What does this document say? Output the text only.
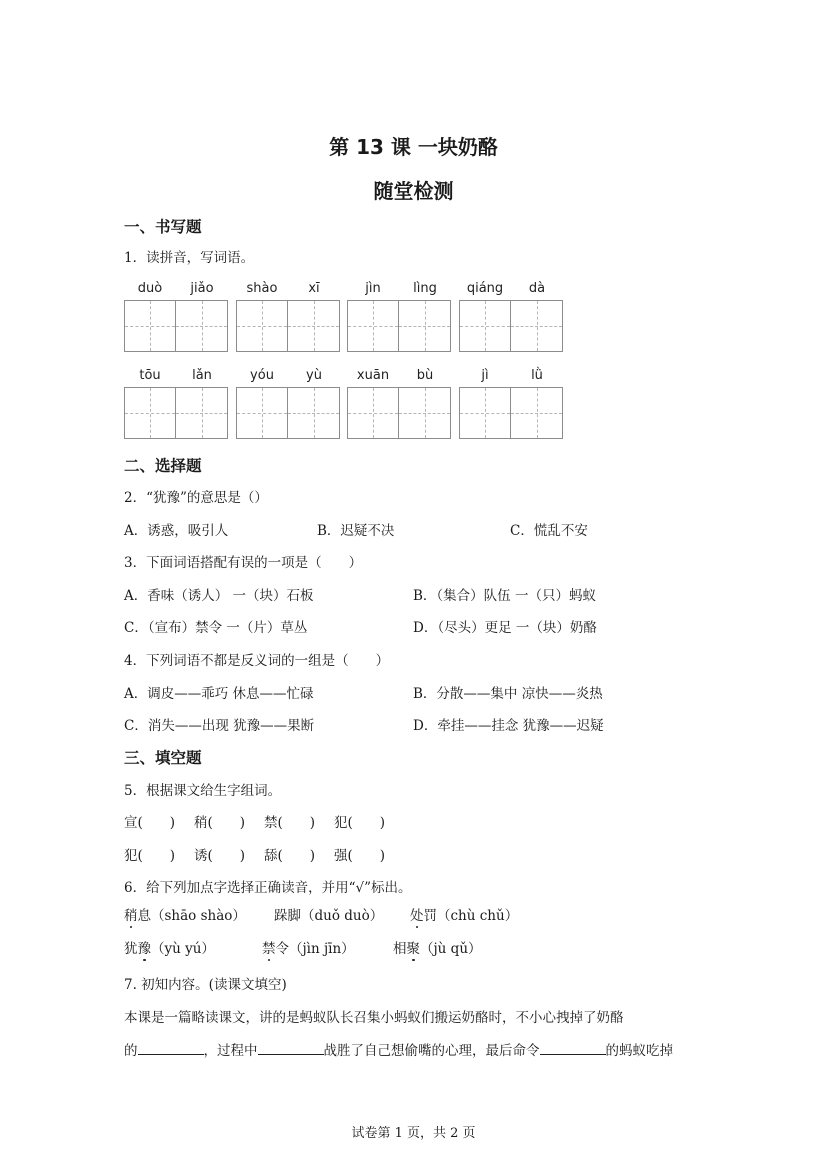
第 13 课 一块奶酪
随堂检测
一、书写题
1．读拼音，写词语。
duò	jiǎo	shào	xī	jìn	lìng	qiáng	dà
tōu	lǎn	yóu	yù	xuān	bù	jì	lǜ
二、选择题
2．“犹豫”的意思是（）
A．诱惑，吸引人	B．迟疑不决	C．慌乱不安
3．下面词语搭配有误的一项是（　　）
A．香味（诱人） 一（块）石板	B．（集合）队伍 一（只）蚂蚁
C．（宣布）禁令 一（片）草丛	D．（尽头）更足 一（块）奶酪
4．下列词语不都是反义词的一组是（　　）
A．调皮——乖巧 休息——忙碌	B．分散——集中 凉快——炎热
C．消失——出现 犹豫——果断	D．牵挂——挂念 犹豫——迟疑
三、填空题
5．根据课文给生字组词。
宣(　　) 稍(　　) 禁(　　) 犯(　　)
犯(　　) 诱(　　) 舔(　　) 强(　　)
6．给下列加点字选择正确读音，并用“√”标出。
稍息（shāo shào） 跺脚（duǒ duò） 处罚（chù chǔ）
犹豫（yù yú）	禁令（jìn jīn）	相聚（jù qǔ）
7. 初知内容。(读课文填空)
本课是一篇略读课文，讲的是蚂蚁队长召集小蚂蚁们搬运奶酪时，不小心拽掉了奶酪
的	，过程中	战胜了自己想偷嘴的心理，最后命令	的蚂蚁吃掉
试卷第 1 页，共 2 页
